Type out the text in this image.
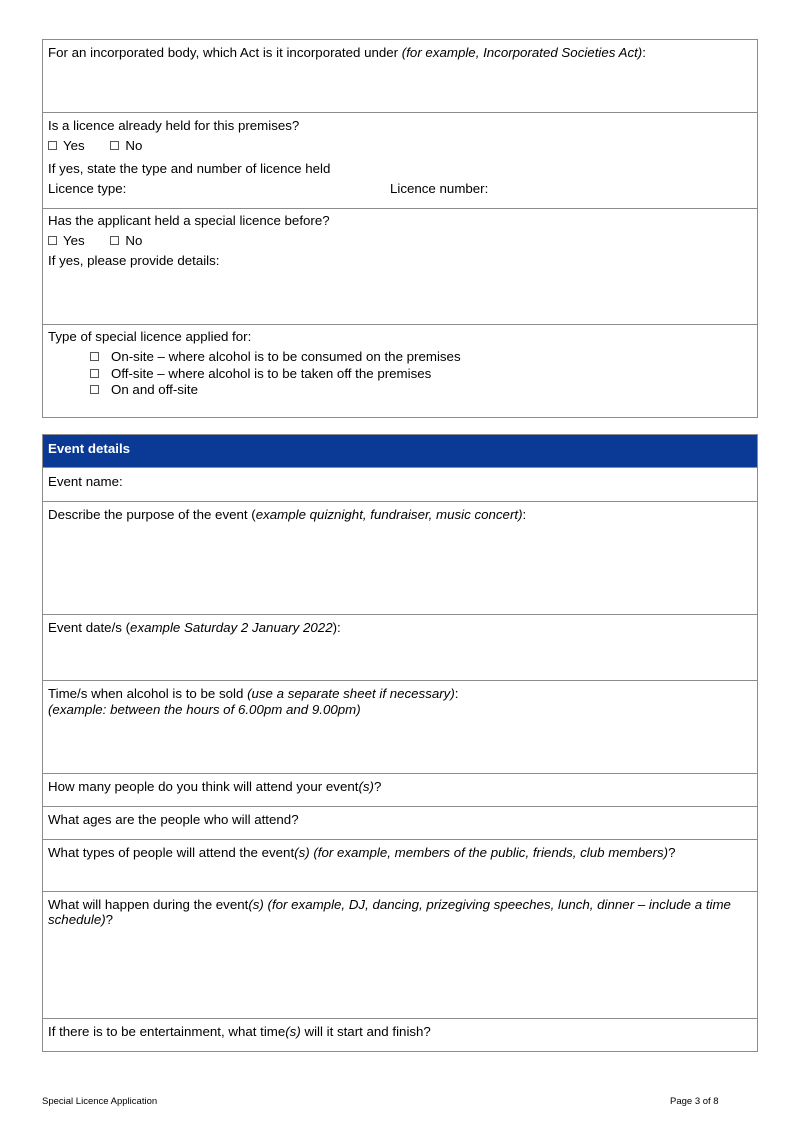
For an incorporated body, which Act is it incorporated under (for example, Incorporated Societies Act):
Is a licence already held for this premises?
Yes	No
If yes, state the type and number of licence held
Licence type:	Licence number:
Has the applicant held a special licence before?
Yes	No
If yes, please provide details:
Type of special licence applied for:
On-site – where alcohol is to be consumed on the premises
Off-site – where alcohol is to be taken off the premises
On and off-site
Event details
Event name:
Describe the purpose of the event (example quiznight, fundraiser, music concert):
Event date/s (example Saturday 2 January 2022):
Time/s when alcohol is to be sold (use a separate sheet if necessary):
(example: between the hours of 6.00pm and 9.00pm)
How many people do you think will attend your event(s)?
What ages are the people who will attend?
What types of people will attend the event(s) (for example, members of the public, friends, club members)?
What will happen during the event(s) (for example, DJ, dancing, prizegiving speeches, lunch, dinner – include a time
schedule)?
If there is to be entertainment, what time(s) will it start and finish?
Special Licence Application	Page 3 of 8
